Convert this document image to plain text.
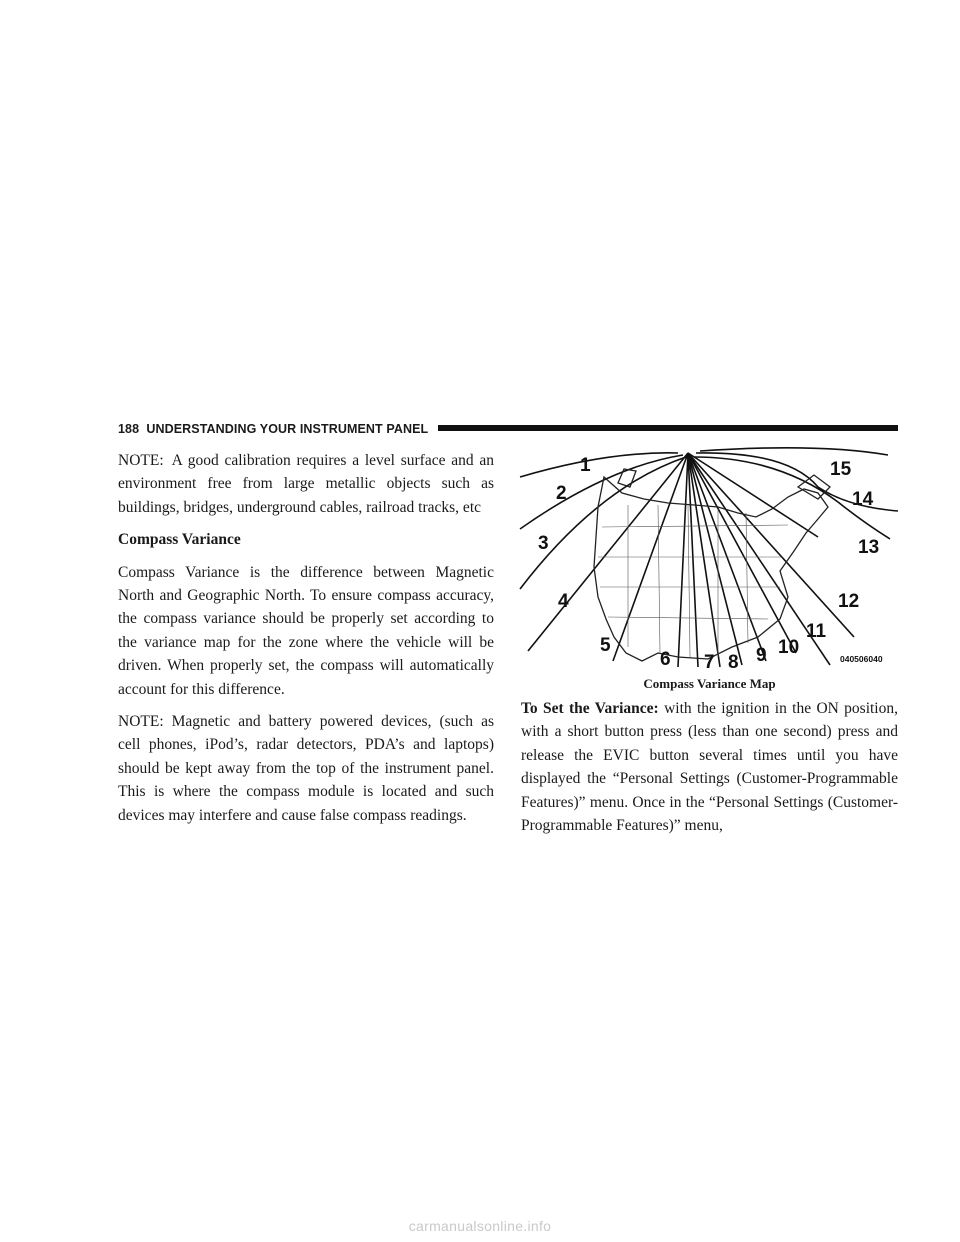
188 UNDERSTANDING YOUR INSTRUMENT PANEL

NOTE: A good calibration requires a level surface and an environment free from large metallic objects such as buildings, bridges, underground cables, railroad tracks, etc

Compass Variance

Compass Variance is the difference between Magnetic North and Geographic North. To ensure compass accuracy, the compass variance should be properly set according to the variance map for the zone where the vehicle will be driven. When properly set, the compass will automatically account for this difference.

NOTE: Magnetic and battery powered devices, (such as cell phones, iPod’s, radar detectors, PDA’s and laptops) should be kept away from the top of the instrument panel. This is where the compass module is located and such devices may interfere and cause false compass readings.

1
2
3
4
5
6 7 8 9 10
11
12
13
14
15
040506040
Compass Variance Map

To Set the Variance: with the ignition in the ON position, with a short button press (less than one second) press and release the EVIC button several times until you have displayed the “Personal Settings (Customer-Programmable Features)” menu. Once in the “Personal Settings (Customer-Programmable Features)” menu,

carmanualsonline.info
